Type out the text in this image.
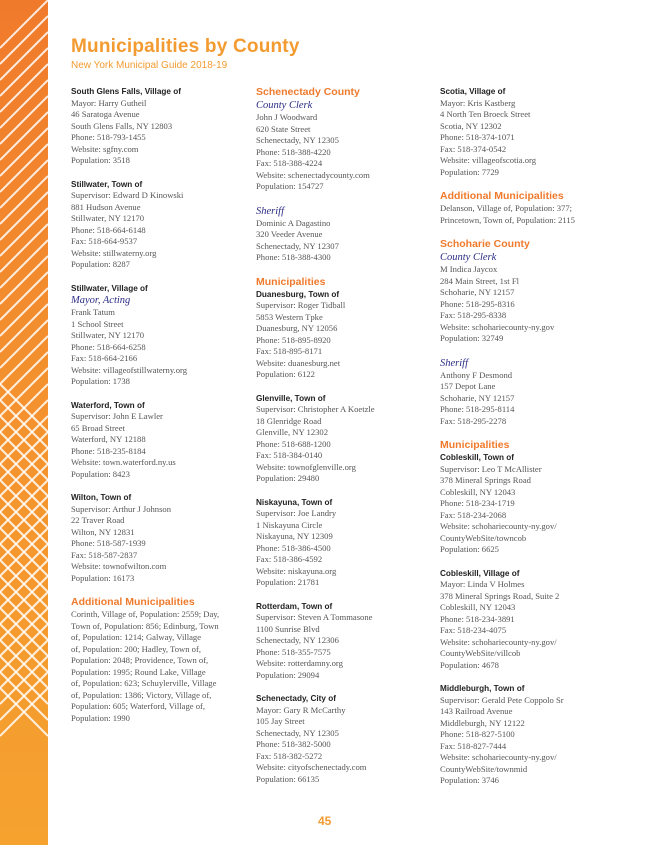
Municipalities by County
New York Municipal Guide 2018-19
South Glens Falls, Village of
Mayor: Harry Gutheil
46 Saratoga Avenue
South Glens Falls, NY 12803
Phone: 518-793-1455
Website: sgfny.com
Population: 3518
Stillwater, Town of
Supervisor: Edward D Kinowski
881 Hudson Avenue
Stillwater, NY 12170
Phone: 518-664-6148
Fax: 518-664-9537
Website: stillwaterny.org
Population: 8287
Stillwater, Village of
Mayor, Acting
Frank Tatum
1 School Street
Stillwater, NY 12170
Phone: 518-664-6258
Fax: 518-664-2166
Website: villageofstillwaterny.org
Population: 1738
Waterford, Town of
Supervisor: John E Lawler
65 Broad Street
Waterford, NY 12188
Phone: 518-235-8184
Website: town.waterford.ny.us
Population: 8423
Wilton, Town of
Supervisor: Arthur J Johnson
22 Traver Road
Wilton, NY 12831
Phone: 518-587-1939
Fax: 518-587-2837
Website: townofwilton.com
Population: 16173
Additional Municipalities
Corinth, Village of, Population: 2559; Day,
Town of, Population: 856; Edinburg, Town
of, Population: 1214; Galway, Village
of, Population: 200; Hadley, Town of,
Population: 2048; Providence, Town of,
Population: 1995; Round Lake, Village
of, Population: 623; Schuylerville, Village
of, Population: 1386; Victory, Village of,
Population: 605; Waterford, Village of,
Population: 1990
Schenectady County
County Clerk
John J Woodward
620 State Street
Schenectady, NY 12305
Phone: 518-388-4220
Fax: 518-388-4224
Website: schenectadycounty.com
Population: 154727
Sheriff
Dominic A Dagastino
320 Veeder Avenue
Schenectady, NY 12307
Phone: 518-388-4300
Municipalities
Duanesburg, Town of
Supervisor: Roger Tidball
5853 Western Tpke
Duanesburg, NY 12056
Phone: 518-895-8920
Fax: 518-895-8171
Website: duanesburg.net
Population: 6122
Glenville, Town of
Supervisor: Christopher A Koetzle
18 Glenridge Road
Glenville, NY 12302
Phone: 518-688-1200
Fax: 518-384-0140
Website: townofglenville.org
Population: 29480
Niskayuna, Town of
Supervisor: Joe Landry
1 Niskayuna Circle
Niskayuna, NY 12309
Phone: 518-386-4500
Fax: 518-386-4592
Website: niskayuna.org
Population: 21781
Rotterdam, Town of
Supervisor: Steven A Tommasone
1100 Sunrise Blvd
Schenectady, NY 12306
Phone: 518-355-7575
Website: rotterdamny.org
Population: 29094
Schenectady, City of
Mayor: Gary R McCarthy
105 Jay Street
Schenectady, NY 12305
Phone: 518-382-5000
Fax: 518-382-5272
Website: cityofschenectady.com
Population: 66135
Scotia, Village of
Mayor: Kris Kastberg
4 North Ten Broeck Street
Scotia, NY 12302
Phone: 518-374-1071
Fax: 518-374-0542
Website: villageofscotia.org
Population: 7729
Additional Municipalities
Delanson, Village of, Population: 377;
Princetown, Town of, Population: 2115
Schoharie County
County Clerk
M Indica Jaycox
284 Main Street, 1st Fl
Schoharie, NY 12157
Phone: 518-295-8316
Fax: 518-295-8338
Website: schohariecounty-ny.gov
Population: 32749
Sheriff
Anthony F Desmond
157 Depot Lane
Schoharie, NY 12157
Phone: 518-295-8114
Fax: 518-295-2278
Municipalities
Cobleskill, Town of
Supervisor: Leo T McAllister
378 Mineral Springs Road
Cobleskill, NY 12043
Phone: 518-234-1719
Fax: 518-234-2068
Website: schohariecounty-ny.gov/
CountyWebSite/towncob
Population: 6625
Cobleskill, Village of
Mayor: Linda V Holmes
378 Mineral Springs Road, Suite 2
Cobleskill, NY 12043
Phone: 518-234-3891
Fax: 518-234-4075
Website: schohariecounty-ny.gov/
CountyWebSite/villcob
Population: 4678
Middleburgh, Town of
Supervisor: Gerald Pete Coppolo Sr
143 Railroad Avenue
Middleburgh, NY 12122
Phone: 518-827-5100
Fax: 518-827-7444
Website: schohariecounty-ny.gov/
CountyWebSite/townmid
Population: 3746
45
